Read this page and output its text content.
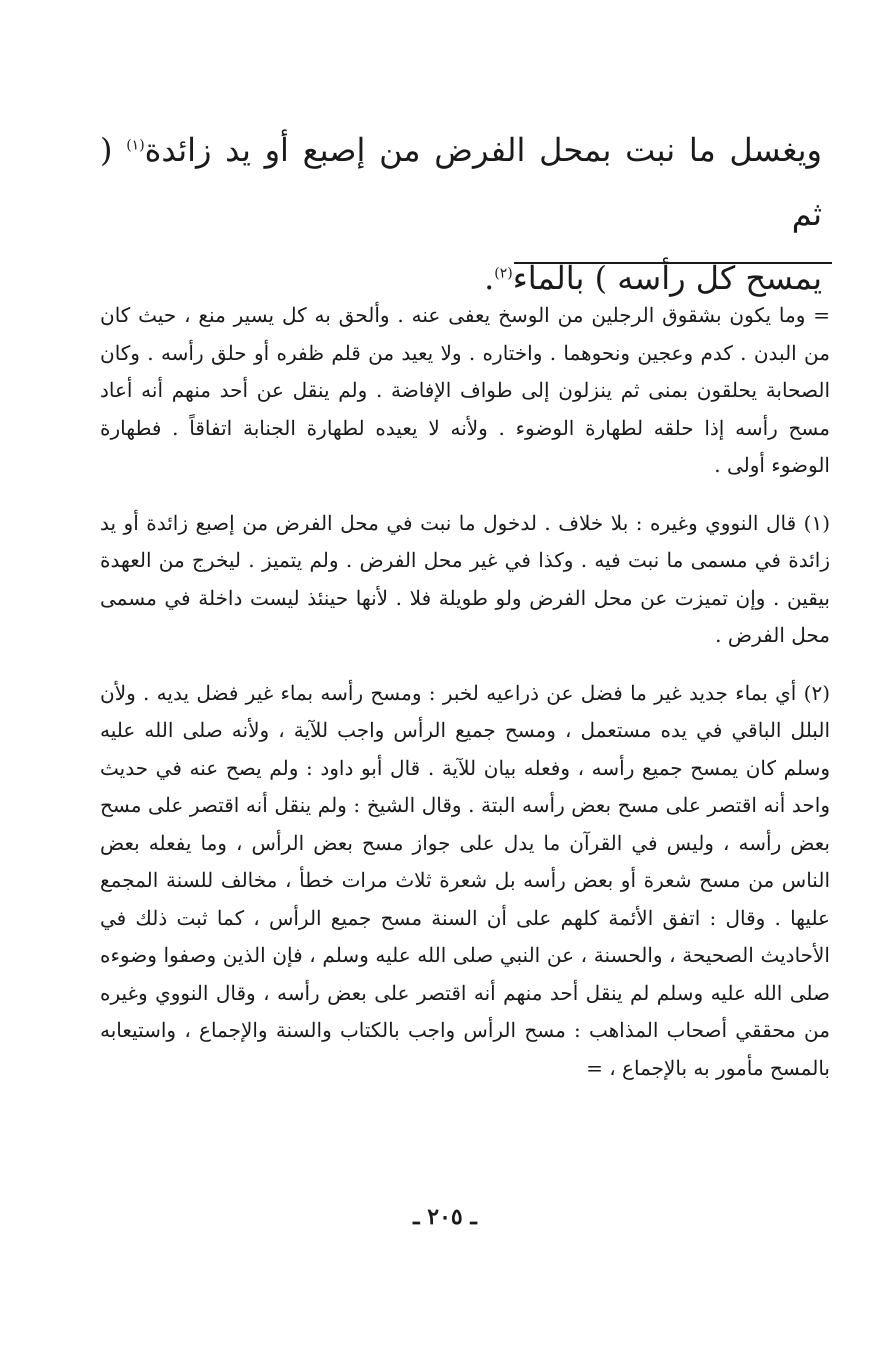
ويغسل ما نبت بمحل الفرض من إصبع أو يد زائدة$^{(١)}$ ( ثم
يمسح كل رأسه ) بالماء$^{(٢)}$.

= وما يكون بشقوق الرجلين من الوسخ يعفى عنه . وألحق به كل يسير منع ، حيث كان من البدن . كدم وعجين ونحوهما . واختاره . ولا يعيد من قلم ظفره أو حلق رأسه . وكان الصحابة يحلقون بمنى ثم ينزلون إلى طواف الإفاضة . ولم ينقل عن أحد منهم أنه أعاد مسح رأسه إذا حلقه لطهارة الوضوء . ولأنه لا يعيده لطهارة الجنابة اتفاقاً . فطهارة الوضوء أولى .

(١) قال النووي وغيره : بلا خلاف . لدخول ما نبت في محل الفرض من إصبع زائدة أو يد زائدة في مسمى ما نبت فيه . وكذا في غير محل الفرض . ولم يتميز . ليخرج من العهدة بيقين . وإن تميزت عن محل الفرض ولو طويلة فلا . لأنها حينئذ ليست داخلة في مسمى محل الفرض .

(٢) أي بماء جديد غير ما فضل عن ذراعيه لخبر : ومسح رأسه بماء غير فضل يديه . ولأن البلل الباقي في يده مستعمل ، ومسح جميع الرأس واجب للآية ، ولأنه صلى الله عليه وسلم كان يمسح جميع رأسه ، وفعله بيان للآية . قال أبو داود : ولم يصح عنه في حديث واحد أنه اقتصر على مسح بعض رأسه البتة . وقال الشيخ : ولم ينقل أنه اقتصر على مسح بعض رأسه ، وليس في القرآن ما يدل على جواز مسح بعض الرأس ، وما يفعله بعض الناس من مسح شعرة أو بعض رأسه بل شعرة ثلاث مرات خطأ ، مخالف للسنة المجمع عليها . وقال : اتفق الأئمة كلهم على أن السنة مسح جميع الرأس ، كما ثبت ذلك في الأحاديث الصحيحة ، والحسنة ، عن النبي صلى الله عليه وسلم ، فإن الذين وصفوا وضوءه صلى الله عليه وسلم لم ينقل أحد منهم أنه اقتصر على بعض رأسه ، وقال النووي وغيره من محققي أصحاب المذاهب : مسح الرأس واجب بالكتاب والسنة والإجماع ، واستيعابه بالمسح مأمور به بالإجماع ، =

ـ ٢٠٥ ـ
